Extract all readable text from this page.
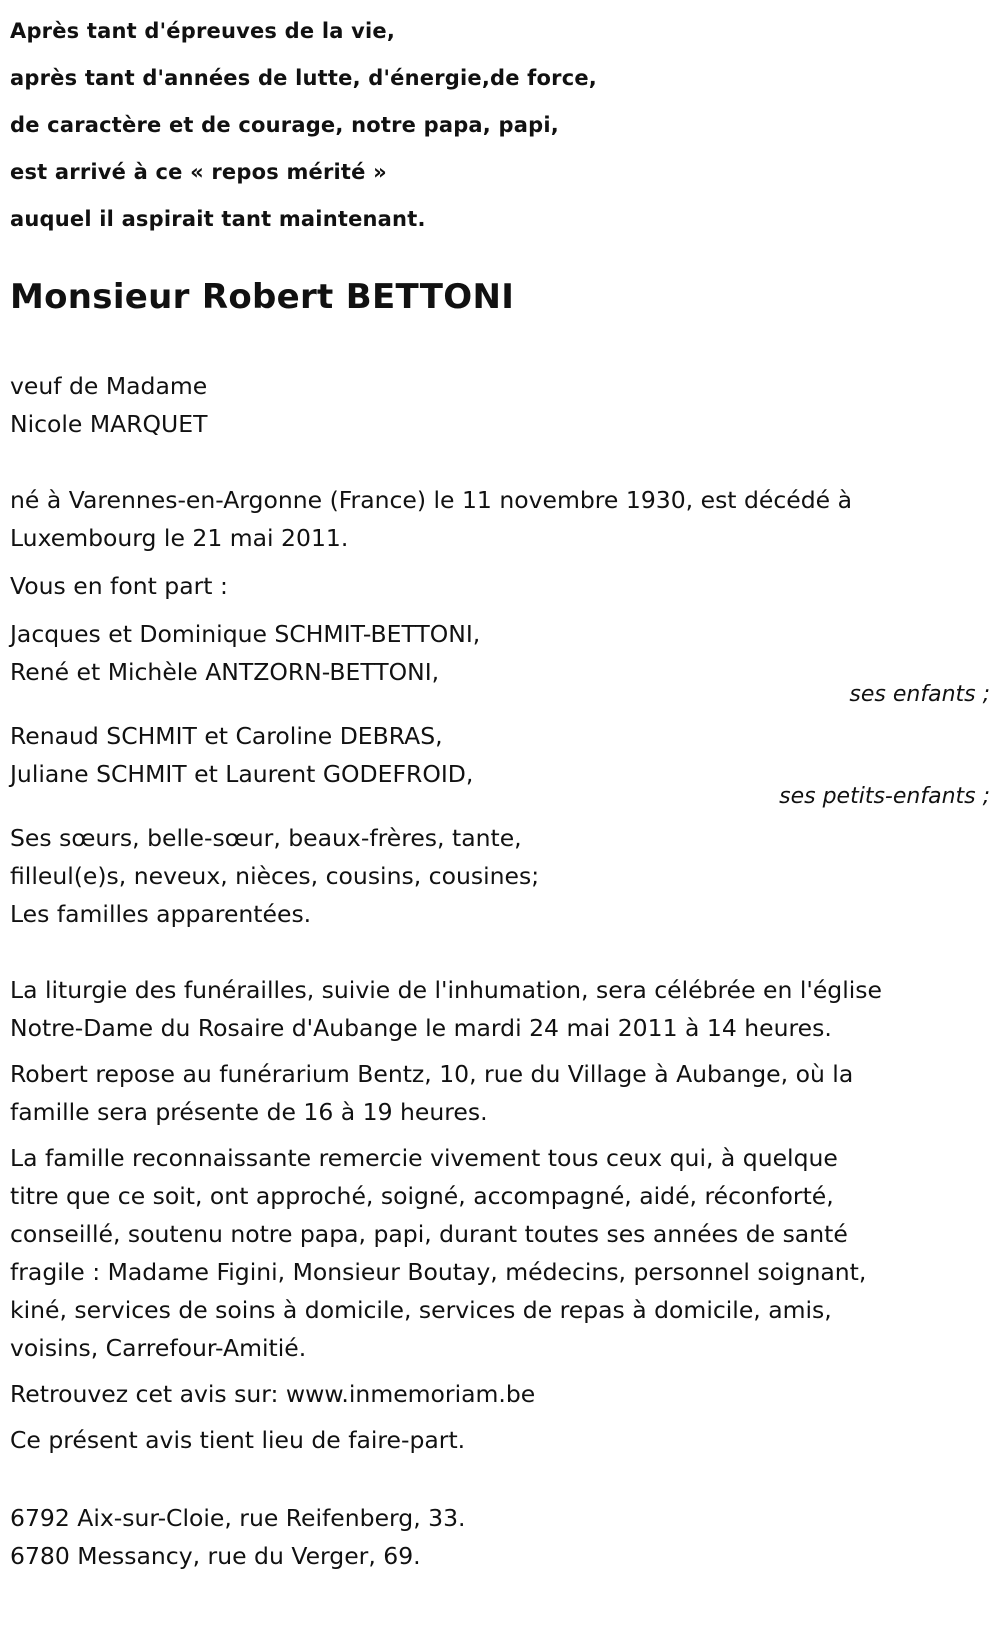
Après tant d'épreuves de la vie,
après tant d'années de lutte, d'énergie,de force,
de caractère et de courage, notre papa, papi,
est arrivé à ce « repos mérité »
auquel il aspirait tant maintenant.
Monsieur Robert BETTONI
veuf de Madame
Nicole MARQUET
né à Varennes-en-Argonne (France) le 11 novembre 1930, est décédé à
Luxembourg le 21 mai 2011.
Vous en font part :
Jacques et Dominique SCHMIT-BETTONI,
René et Michèle ANTZORN-BETTONI,
ses enfants ;
Renaud SCHMIT et Caroline DEBRAS,
Juliane SCHMIT et Laurent GODEFROID,
ses petits-enfants ;
Ses sœurs, belle-sœur, beaux-frères, tante,
filleul(e)s, neveux, nièces, cousins, cousines;
Les familles apparentées.
La liturgie des funérailles, suivie de l'inhumation, sera célébrée en l'église
Notre-Dame du Rosaire d'Aubange le mardi 24 mai 2011 à 14 heures.
Robert repose au funérarium Bentz, 10, rue du Village à Aubange, où la
famille sera présente de 16 à 19 heures.
La famille reconnaissante remercie vivement tous ceux qui, à quelque
titre que ce soit, ont approché, soigné, accompagné, aidé, réconforté,
conseillé, soutenu notre papa, papi, durant toutes ses années de santé
fragile : Madame Figini, Monsieur Boutay, médecins, personnel soignant,
kiné, services de soins à domicile, services de repas à domicile, amis,
voisins, Carrefour-Amitié.
Retrouvez cet avis sur: www.inmemoriam.be
Ce présent avis tient lieu de faire-part.
6792 Aix-sur-Cloie, rue Reifenberg, 33.
6780 Messancy, rue du Verger, 69.
